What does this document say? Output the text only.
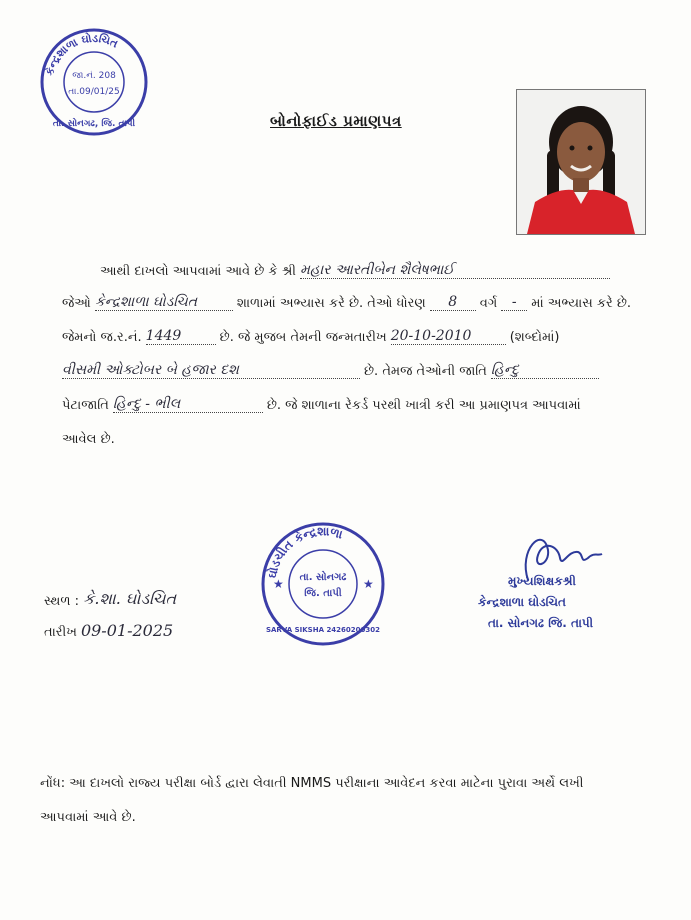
કેન્દ્રશાળા ઘોડચિત
તા. સોનગઢ, જિ. તાપી
જા.નં. 208
તા.09/01/25
બોનોફાઈડ પ્રમાણપત્ર
આથી દાખલો આપવામાં આવે છે કે શ્રી મહાર આરતીબેન શૈલેષભાઈ
જેઓ કેન્દ્રશાળા ઘોડચિત	શાળામાં અભ્યાસ કરે છે. તેઓ ધોરણ	8	વર્ગ	-	માં અભ્યાસ કરે છે.
જેમનો જ.ર.નં. 1449	છે. જે મુજબ તેમની જન્મતારીખ 20-10-2010	(શબ્દોમાં)
વીસમી ઓક્ટોબર બે હજાર દશ	છે. તેમજ તેઓની જાતિ હિન્દુ
પેટાજાતિ હિન્દુ - ભીલ	છે. જે શાળાના રેકર્ડ પરથી ખાત્રી કરી આ પ્રમાણપત્ર આપવામાં
આવેલ છે.
સ્થળ : કે.શા. ઘોડચિત
તારીખ 09-01-2025
ઘોડચીત કેન્દ્રશાળા
તા. સોનગઢ
જિ. તાપી
SARVA SIKSHA 24260200302
★	★	મુખ્યશિક્ષકશ્રી
કેન્દ્રશાળા ઘોડચિત
તા. સોનગઢ જિ. તાપી
નોંધ: આ દાખલો રાજ્ય પરીક્ષા બોર્ડ દ્વારા લેવાતી NMMS પરીક્ષાના આવેદન કરવા માટેના પુરાવા અર્થે લખી
આપવામાં આવે છે.
